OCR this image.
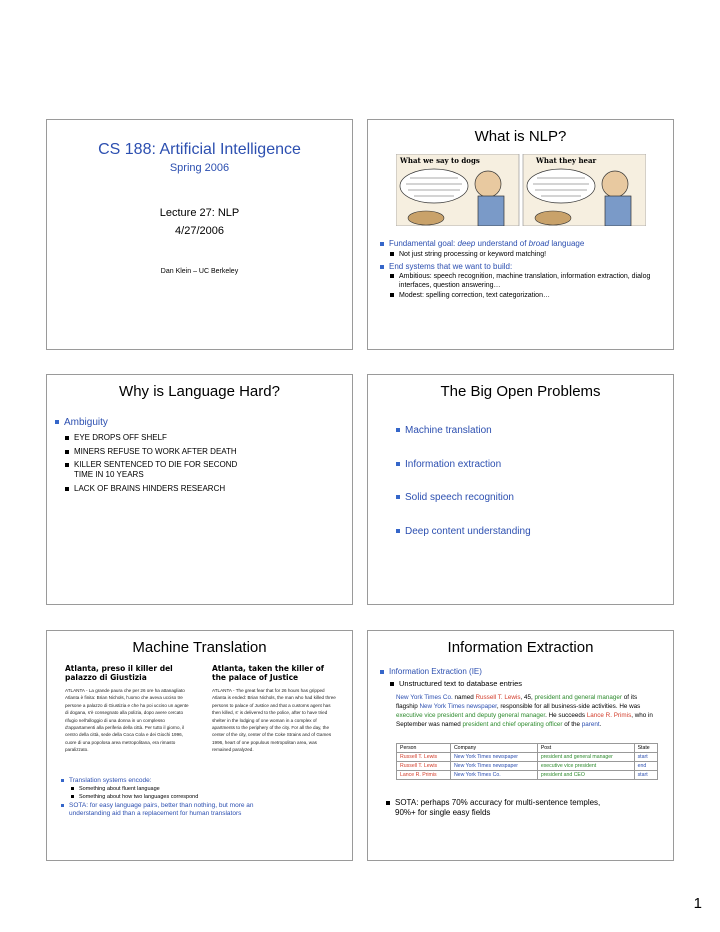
CS 188: Artificial Intelligence
Spring 2006
Lecture 27: NLP
4/27/2006
Dan Klein – UC Berkeley
What is NLP?
What we say to dogs	What they hear
Fundamental goal: deep understand of broad language
Not just string processing or keyword matching!
End systems that we want to build:
Ambitious: speech recognition, machine translation, information extraction, dialog interfaces, question answering…
Modest: spelling correction, text categorization…
Why is Language Hard?
Ambiguity
EYE DROPS OFF SHELF
MINERS REFUSE TO WORK AFTER DEATH
KILLER SENTENCED TO DIE FOR SECOND TIME IN 10 YEARS
LACK OF BRAINS HINDERS RESEARCH
The Big Open Problems
Machine translation
Information extraction
Solid speech recognition
Deep content understanding
Machine Translation
Atlanta, preso il killer del palazzo di Giustizia
Atlanta, taken the killer of the palace of Justice
ATLANTA - La grande paura che per 26 ore ha attanagliato Atlanta è finita: Brian Nichols, l'uomo che aveva ucciso tre persone a palazzo di Giustizia e che ha poi ucciso un agente di dogana, s'è consegnato alla polizia, dopo avere cercato rifugio nell'alloggio di una donna in un complesso d'appartamenti alla periferia della città. Per tutto il giorno, il centro della città, sede della Coca Cola e dei Giochi 1996, cuore di una popolosa area metropolitana, era rimasto paralizzato.
ATLANTA - The great fear that for 26 hours has gripped Atlanta is ended: Brian Nichols, the man who had killed three persons to palace of Justice and that a customs agent has then killed, s' is delivered to the police, after to have tried shelter in the lodging of one woman in a complex of apartments to the periphery of the city. For all the day, the center of the city, center of the Coke Strains and of Games 1996, heart of one populous metropolitan area, was remained paralyzed.
Translation systems encode:
Something about fluent language
Something about how two languages correspond
SOTA: for easy language pairs, better than nothing, but more an understanding aid than a replacement for human translators
Information Extraction
Information Extraction (IE)
Unstructured text to database entries
New York Times Co. named Russell T. Lewis, 45, president and general manager of its flagship New York Times newspaper, responsible for all business-side activities. He was executive vice president and deputy general manager. He succeeds Lance R. Primis, who in September was named president and chief operating officer of the parent.
Person	Company	Post	State
Russell T. Lewis	New York Times newspaper	president and general manager	start
Russell T. Lewis	New York Times newspaper	executive vice president	end
Lance R. Primis	New York Times Co.	president and CEO	start
SOTA: perhaps 70% accuracy for multi-sentence temples, 90%+ for single easy fields
1
